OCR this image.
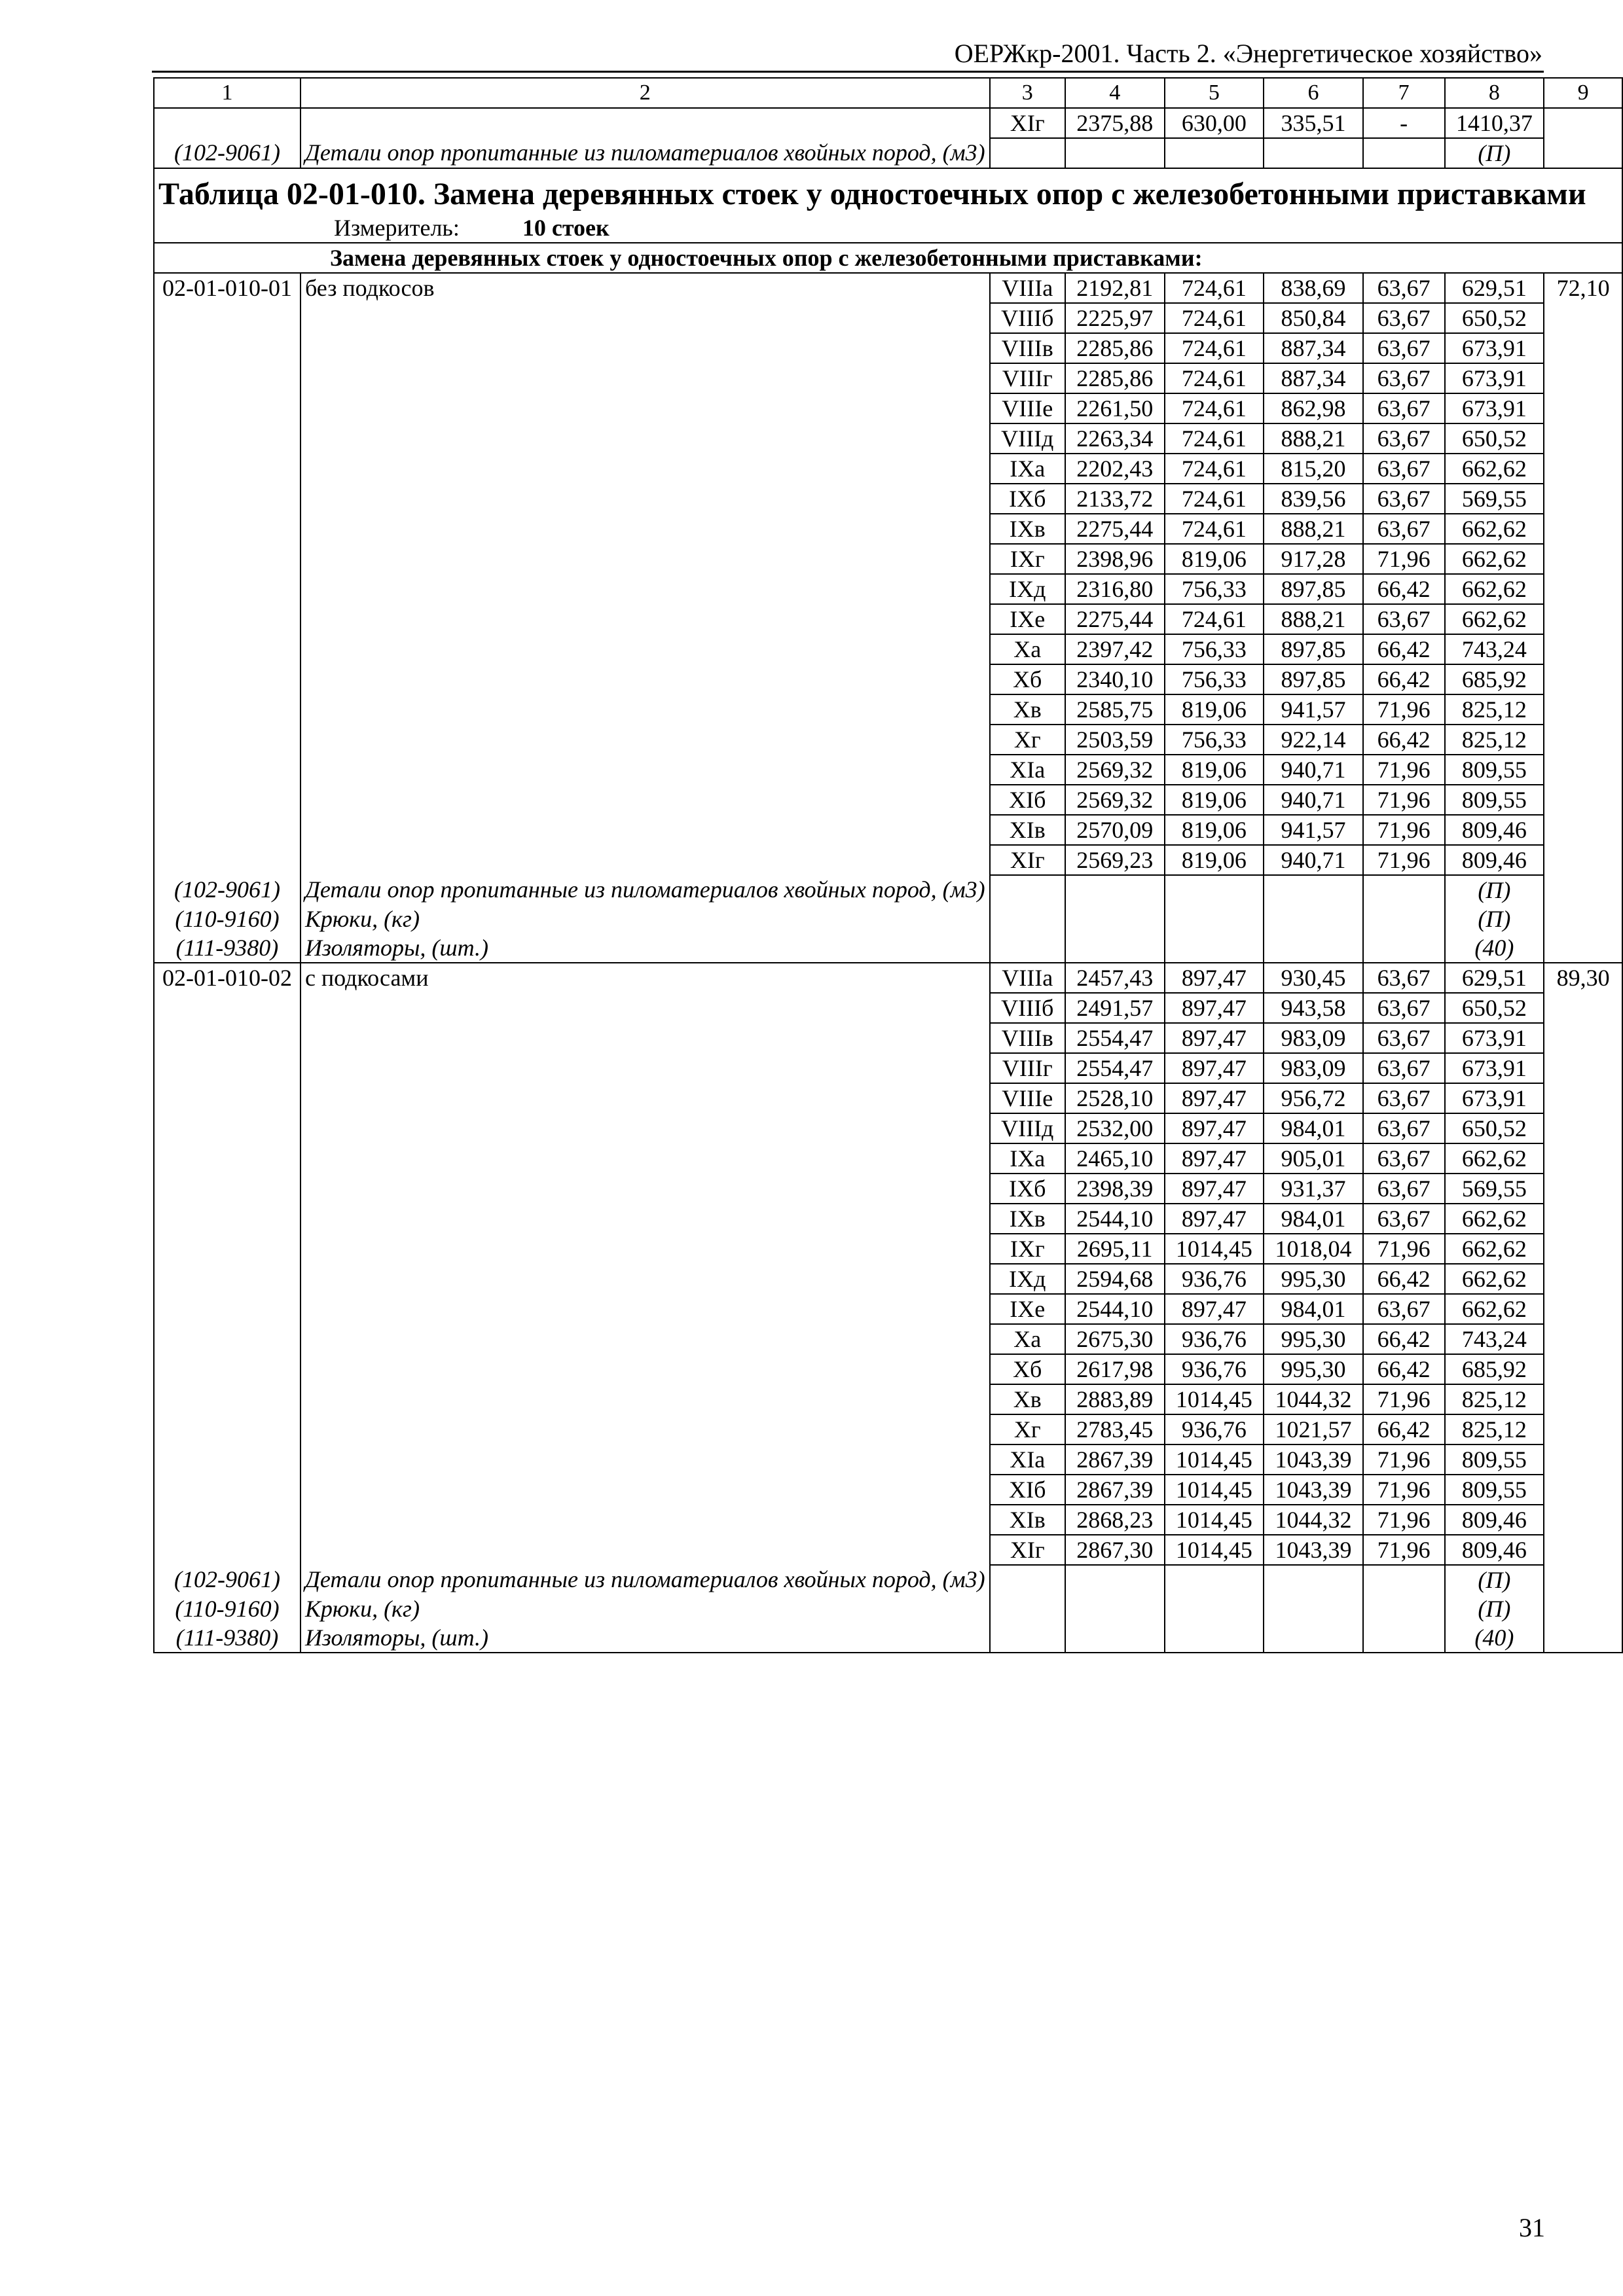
ОЕРЖкр-2001. Часть 2. «Энергетическое хозяйство»
1	2	3	4	5	6	7	8	9
		XIг	2375,88	630,00	335,51	-	1410,37	
(102-9061)	Детали опор пропитанные из пиломатериалов хвойных пород, (м3)						(П)	

Таблица 02-01-010. Замена деревянных стоек у одностоечных опор с железобетонными приставками
Измеритель: 10 стоек								

Замена деревянных стоек у одностоечных опор с железобетонными приставками:								
02-01-010-01	без подкосов	VIIIа	2192,81	724,61	838,69	63,67	629,51	72,10
		VIIIб	2225,97	724,61	850,84	63,67	650,52	
		VIIIв	2285,86	724,61	887,34	63,67	673,91	
		VIIIг	2285,86	724,61	887,34	63,67	673,91	
		VIIIе	2261,50	724,61	862,98	63,67	673,91	
		VIIIд	2263,34	724,61	888,21	63,67	650,52	
		IXа	2202,43	724,61	815,20	63,67	662,62	
		IXб	2133,72	724,61	839,56	63,67	569,55	
		IXв	2275,44	724,61	888,21	63,67	662,62	
		IXг	2398,96	819,06	917,28	71,96	662,62	
		IXд	2316,80	756,33	897,85	66,42	662,62	
		IXе	2275,44	724,61	888,21	63,67	662,62	
		Xа	2397,42	756,33	897,85	66,42	743,24	
		Xб	2340,10	756,33	897,85	66,42	685,92	
		Xв	2585,75	819,06	941,57	71,96	825,12	
		Xг	2503,59	756,33	922,14	66,42	825,12	
		XIа	2569,32	819,06	940,71	71,96	809,55	
		XIб	2569,32	819,06	940,71	71,96	809,55	
		XIв	2570,09	819,06	941,57	71,96	809,46	
		XIг	2569,23	819,06	940,71	71,96	809,46	
(102-9061)	Детали опор пропитанные из пиломатериалов хвойных пород, (м3)						(П)	
(110-9160)	Крюки, (кг)						(П)	
(111-9380)	Изоляторы, (шт.)						(40)	
02-01-010-02	с подкосами	VIIIа	2457,43	897,47	930,45	63,67	629,51	89,30
		VIIIб	2491,57	897,47	943,58	63,67	650,52	
		VIIIв	2554,47	897,47	983,09	63,67	673,91	
		VIIIг	2554,47	897,47	983,09	63,67	673,91	
		VIIIе	2528,10	897,47	956,72	63,67	673,91	
		VIIIд	2532,00	897,47	984,01	63,67	650,52	
		IXа	2465,10	897,47	905,01	63,67	662,62	
		IXб	2398,39	897,47	931,37	63,67	569,55	
		IXв	2544,10	897,47	984,01	63,67	662,62	
		IXг	2695,11	1014,45	1018,04	71,96	662,62	
		IXд	2594,68	936,76	995,30	66,42	662,62	
		IXе	2544,10	897,47	984,01	63,67	662,62	
		Xа	2675,30	936,76	995,30	66,42	743,24	
		Xб	2617,98	936,76	995,30	66,42	685,92	
		Xв	2883,89	1014,45	1044,32	71,96	825,12	
		Xг	2783,45	936,76	1021,57	66,42	825,12	
		XIа	2867,39	1014,45	1043,39	71,96	809,55	
		XIб	2867,39	1014,45	1043,39	71,96	809,55	
		XIв	2868,23	1014,45	1044,32	71,96	809,46	
		XIг	2867,30	1014,45	1043,39	71,96	809,46	
(102-9061)	Детали опор пропитанные из пиломатериалов хвойных пород, (м3)						(П)	
(110-9160)	Крюки, (кг)						(П)	
(111-9380)	Изоляторы, (шт.)						(40)	
31
